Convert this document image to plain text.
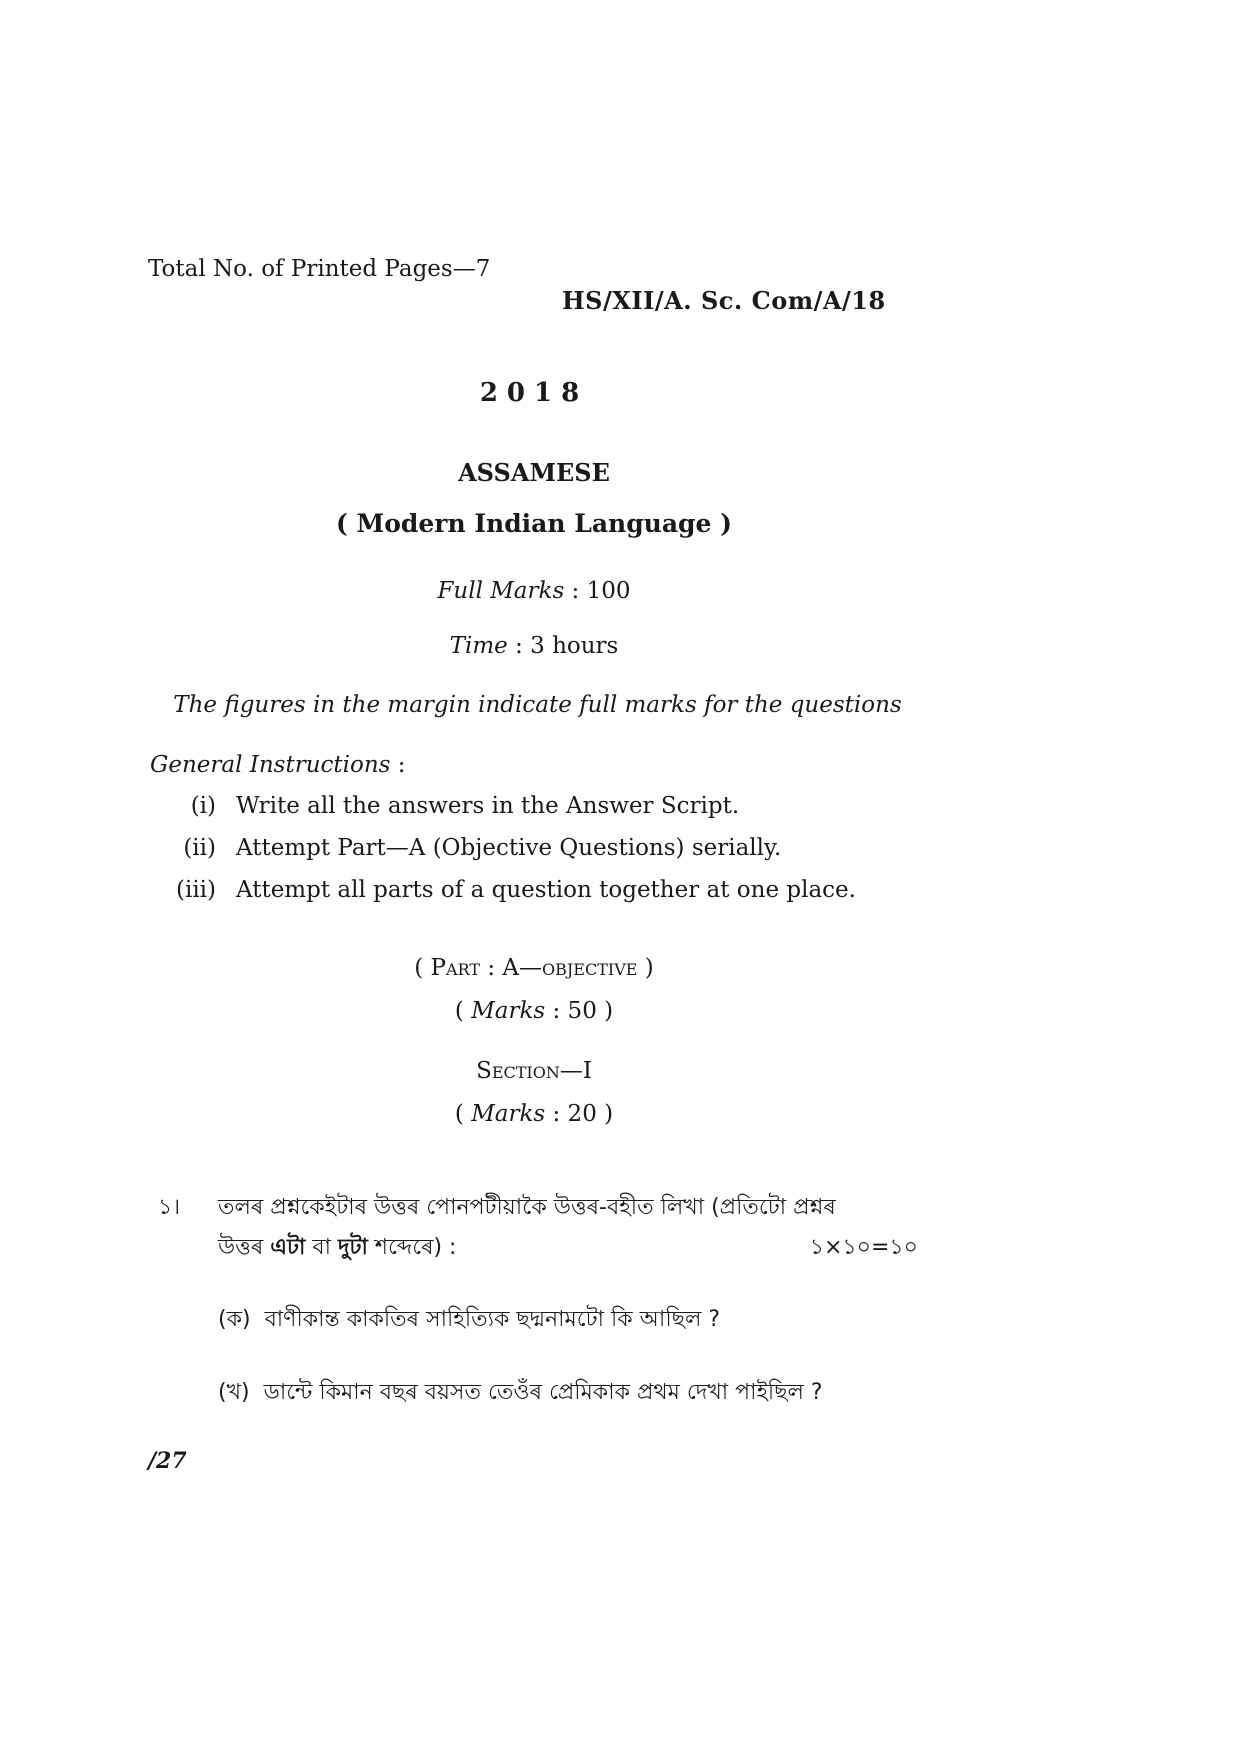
Total No. of Printed Pages—7
HS/XII/A. Sc. Com/A/18
2018
ASSAMESE
( Modern Indian Language )
Full Marks : 100
Time : 3 hours
The figures in the margin indicate full marks for the questions
General Instructions :
(i) Write all the answers in the Answer Script.
(ii) Attempt Part—A (Objective Questions) serially.
(iii) Attempt all parts of a question together at one place.
( Part : A—objective )
( Marks : 50 )
Section—I
( Marks : 20 )
১। তলৰ প্ৰশ্নকেইটাৰ উত্তৰ পোনপটীয়াকৈ উত্তৰ-বহীত লিখা (প্ৰতিটো প্ৰশ্নৰ
উত্তৰ এটা বা দুটা শব্দেৰে) :	১×১০=১০
(ক) বাণীকান্ত কাকতিৰ সাহিত্যিক ছদ্মনামটো কি আছিল ?
(খ) ডান্টে কিমান বছৰ বয়সত তেওঁৰ প্ৰেমিকাক প্ৰথম দেখা পাইছিল ?
/27
